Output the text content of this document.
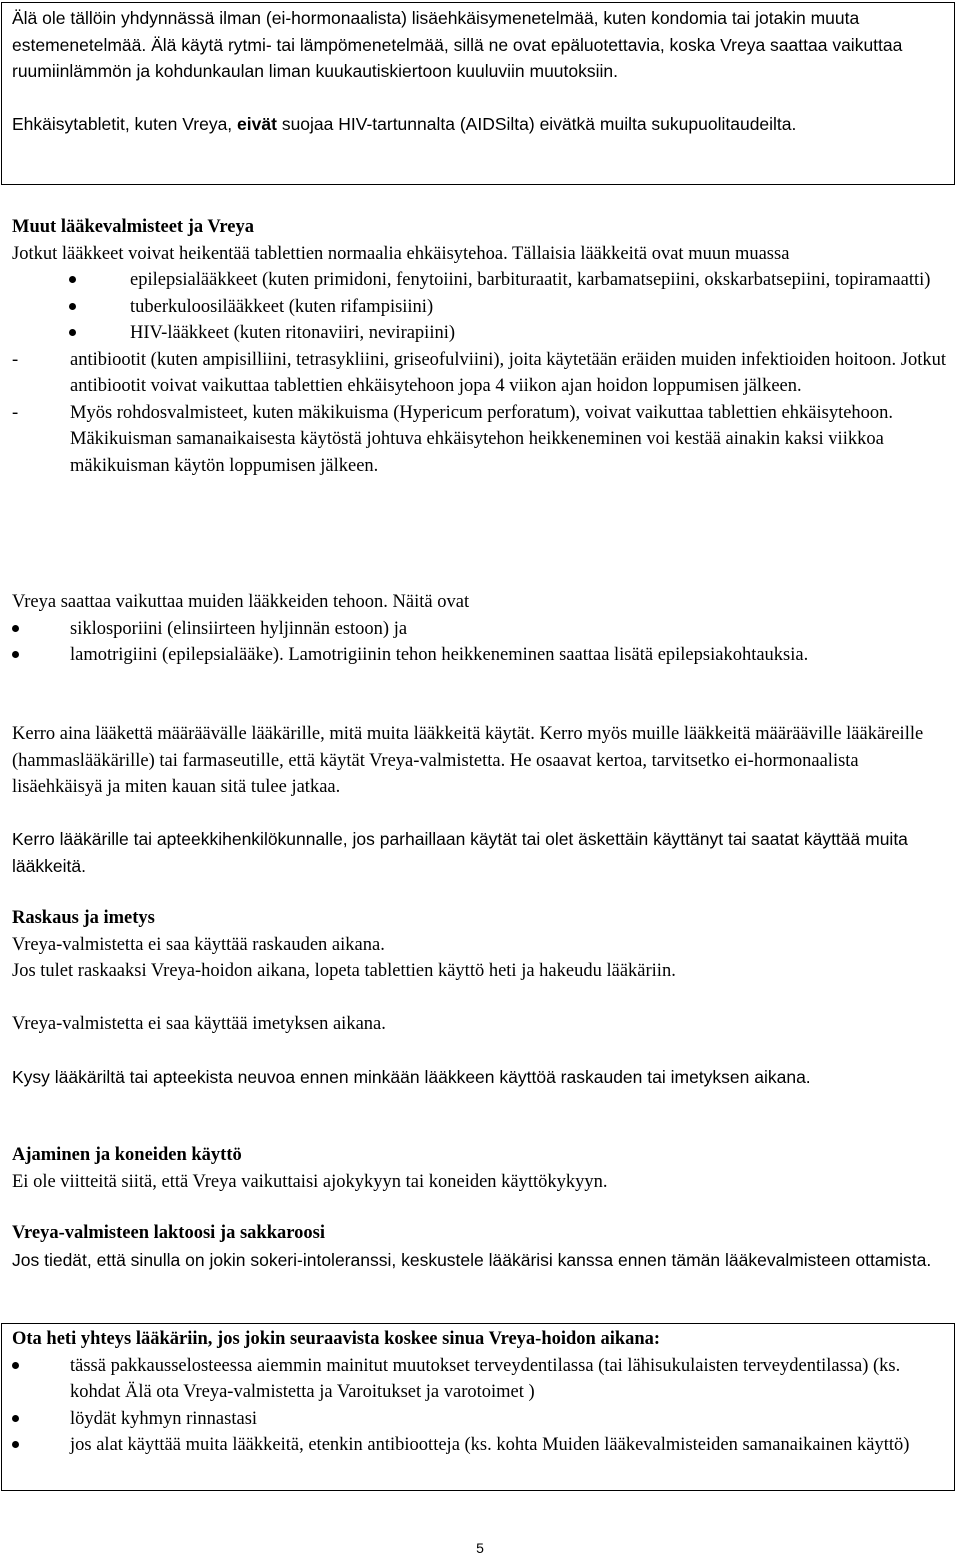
Älä ole tällöin yhdynnässä ilman (ei-hormonaalista) lisäehkäisymenetelmää, kuten kondomia tai jotakin muuta estemenetelmää. Älä käytä rytmi- tai lämpömenetelmää, sillä ne ovat epäluotettavia, koska Vreya saattaa vaikuttaa ruumiinlämmön ja kohdunkaulan liman kuukautiskiertoon kuuluviin muutoksiin.

Ehkäisytabletit, kuten Vreya, eivät suojaa HIV-tartunnalta (AIDSilta) eivätkä muilta sukupuolitaudeilta.

Muut lääkevalmisteet ja Vreya

Jotkut lääkkeet voivat heikentää tablettien normaalia ehkäisytehoa. Tällaisia lääkkeitä ovat muun muassa

epilepsialääkkeet (kuten primidoni, fenytoiini, barbituraatit, karbamatsepiini, okskarbatsepiini, topiramaatti)
tuberkuloosilääkkeet (kuten rifampisiini)
HIV-lääkkeet (kuten ritonaviiri, nevirapiini)
-	antibiootit (kuten ampisilliini, tetrasykliini, griseofulviini), joita käytetään eräiden muiden infektioiden hoitoon. Jotkut antibiootit voivat vaikuttaa tablettien ehkäisytehoon jopa 4 viikon ajan hoidon loppumisen jälkeen.
-	Myös rohdosvalmisteet, kuten mäkikuisma (Hypericum perforatum), voivat vaikuttaa tablettien ehkäisytehoon. Mäkikuisman samanaikaisesta käytöstä johtuva ehkäisytehon heikkeneminen voi kestää ainakin kaksi viikkoa mäkikuisman käytön loppumisen jälkeen.

Vreya saattaa vaikuttaa muiden lääkkeiden tehoon. Näitä ovat

siklosporiini (elinsiirteen hyljinnän estoon) ja
lamotrigiini (epilepsialääke). Lamotrigiinin tehon heikkeneminen saattaa lisätä epilepsiakohtauksia.

Kerro aina lääkettä määräävälle lääkärille, mitä muita lääkkeitä käytät. Kerro myös muille lääkkeitä määrääville lääkäreille (hammaslääkärille) tai farmaseutille, että käytät Vreya-valmistetta. He osaavat kertoa, tarvitsetko ei-hormonaalista lisäehkäisyä ja miten kauan sitä tulee jatkaa.

Kerro lääkärille tai apteekkihenkilökunnalle, jos parhaillaan käytät tai olet äskettäin käyttänyt tai saatat käyttää muita lääkkeitä.

Raskaus ja imetys

Vreya-valmistetta ei saa käyttää raskauden aikana.

Jos tulet raskaaksi Vreya-hoidon aikana, lopeta tablettien käyttö heti ja hakeudu lääkäriin.

Vreya-valmistetta ei saa käyttää imetyksen aikana.

Kysy lääkäriltä tai apteekista neuvoa ennen minkään lääkkeen käyttöä raskauden tai imetyksen aikana.

Ajaminen ja koneiden käyttö

Ei ole viitteitä siitä, että Vreya vaikuttaisi ajokykyyn tai koneiden käyttökykyyn.

Vreya-valmisteen laktoosi ja sakkaroosi

Jos tiedät, että sinulla on jokin sokeri-intoleranssi, keskustele lääkärisi kanssa ennen tämän lääkevalmisteen ottamista.

Ota heti yhteys lääkäriin, jos jokin seuraavista koskee sinua Vreya-hoidon aikana:

tässä pakkausselosteessa aiemmin mainitut muutokset terveydentilassa (tai lähisukulaisten terveydentilassa) (ks. kohdat Älä ota Vreya-valmistetta ja Varoitukset ja varotoimet )
löydät kyhmyn rinnastasi
jos alat käyttää muita lääkkeitä, etenkin antibiootteja (ks. kohta Muiden lääkevalmisteiden samanaikainen käyttö)
5
